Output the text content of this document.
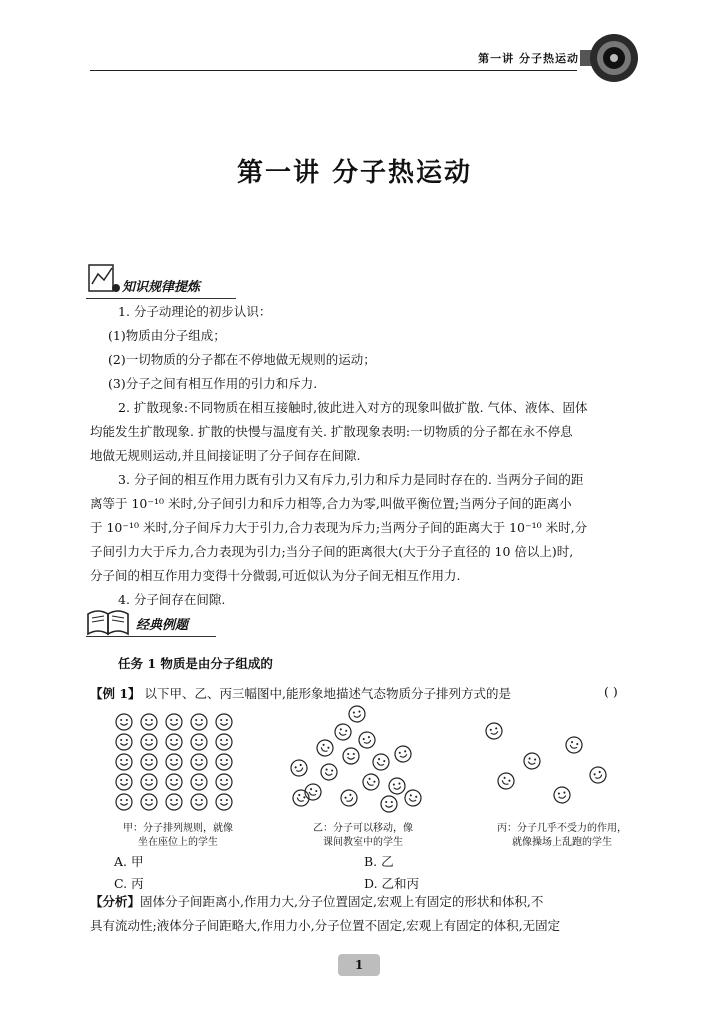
第一讲 分子热运动
第一讲 分子热运动
知识规律提炼

1. 分子动理论的初步认识：

(1)物质由分子组成；

(2)一切物质的分子都在不停地做无规则的运动；

(3)分子之间有相互作用的引力和斥力.

2. 扩散现象:不同物质在相互接触时,彼此进入对方的现象叫做扩散. 气体、液体、固体

均能发生扩散现象. 扩散的快慢与温度有关. 扩散现象表明:一切物质的分子都在永不停息

地做无规则运动,并且间接证明了分子间存在间隙.

3. 分子间的相互作用力既有引力又有斥力,引力和斥力是同时存在的. 当两分子间的距

离等于 10⁻¹⁰ 米时,分子间引力和斥力相等,合力为零,叫做平衡位置;当两分子间的距离小

于 10⁻¹⁰ 米时,分子间斥力大于引力,合力表现为斥力;当两分子间的距离大于 10⁻¹⁰ 米时,分

子间引力大于斥力,合力表现为引力;当分子间的距离很大(大于分子直径的 10 倍以上)时,

分子间的相互作用力变得十分微弱,可近似认为分子间无相互作用力.

4. 分子间存在间隙.

经典例题
任务 1 物质是由分子组成的
【例 1】 以下甲、乙、丙三幅图中,能形象地描述气态物质分子排列方式的是	( )
甲：分子排列规则，就像
坐在座位上的学生
乙：分子可以移动，像
课间教室中的学生
丙：分子几乎不受力的作用，
就像操场上乱跑的学生
A. 甲	B. 乙
C. 丙	D. 乙和丙

【分析】固体分子间距离小,作用力大,分子位置固定,宏观上有固定的形状和体积,不

具有流动性;液体分子间距略大,作用力小,分子位置不固定,宏观上有固定的体积,无固定

1
